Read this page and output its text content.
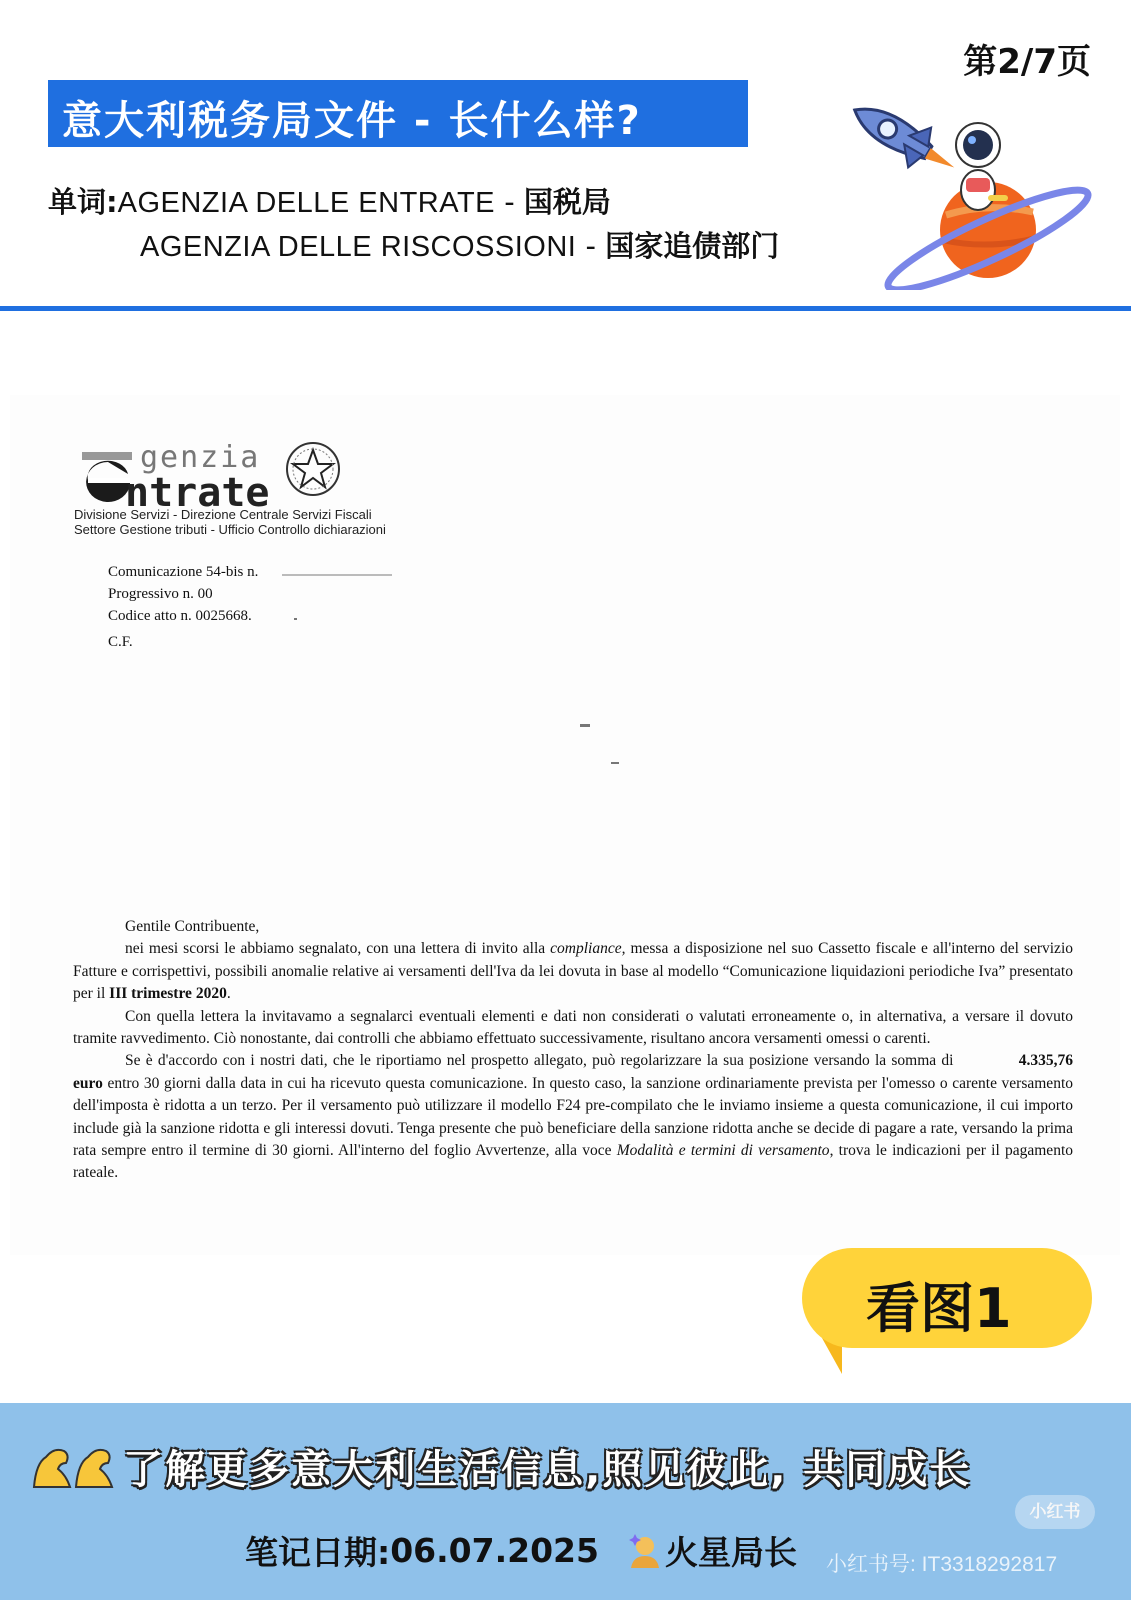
第2/7页
意大利税务局文件 - 长什么样?
单词:AGENZIA DELLE ENTRATE - 国税局
AGENZIA DELLE RISCOSSIONI - 国家追债部门
genzia
ntrate
Divisione Servizi - Direzione Centrale Servizi Fiscali
Settore Gestione tributi - Ufficio Controllo dichiarazioni
Comunicazione 54-bis n.
Progressivo n. 00
Codice atto n. 0025668.
C.F.
Gentile Contribuente,

nei mesi scorsi le abbiamo segnalato, con una lettera di invito alla compliance, messa a disposizione nel suo Cassetto fiscale e all'interno del servizio Fatture e corrispettivi, possibili anomalie relative ai versamenti dell'Iva da lei dovuta in base al modello “Comunicazione liquidazioni periodiche Iva” presentato per il III trimestre 2020.

Con quella lettera la invitavamo a segnalarci eventuali elementi e dati non considerati o valutati erroneamente o, in alternativa, a versare il dovuto tramite ravvedimento. Ciò nonostante, dai controlli che abbiamo effettuato successivamente, risultano ancora versamenti omessi o carenti.

Se è d'accordo con i nostri dati, che le riportiamo nel prospetto allegato, può regolarizzare la sua posizione versando la somma di	4.335,76 euro entro 30 giorni dalla data in cui ha ricevuto questa comunicazione. In questo caso, la sanzione ordinariamente prevista per l'omesso o carente versamento dell'imposta è ridotta a un terzo. Per il versamento può utilizzare il modello F24 pre-compilato che le inviamo insieme a questa comunicazione, il cui importo include già la sanzione ridotta e gli interessi dovuti. Tenga presente che può beneficiare della sanzione ridotta anche se decide di pagare a rate, versando la prima rata sempre entro il termine di 30 giorni. All'interno del foglio Avvertenze, alla voce Modalità e termini di versamento, trova le indicazioni per il pagamento rateale.

看图1
了解更多意大利生活信息,照见彼此, 共同成长
笔记日期:06.07.2025 火星局长
小红书
小红书号: IT3318292817
